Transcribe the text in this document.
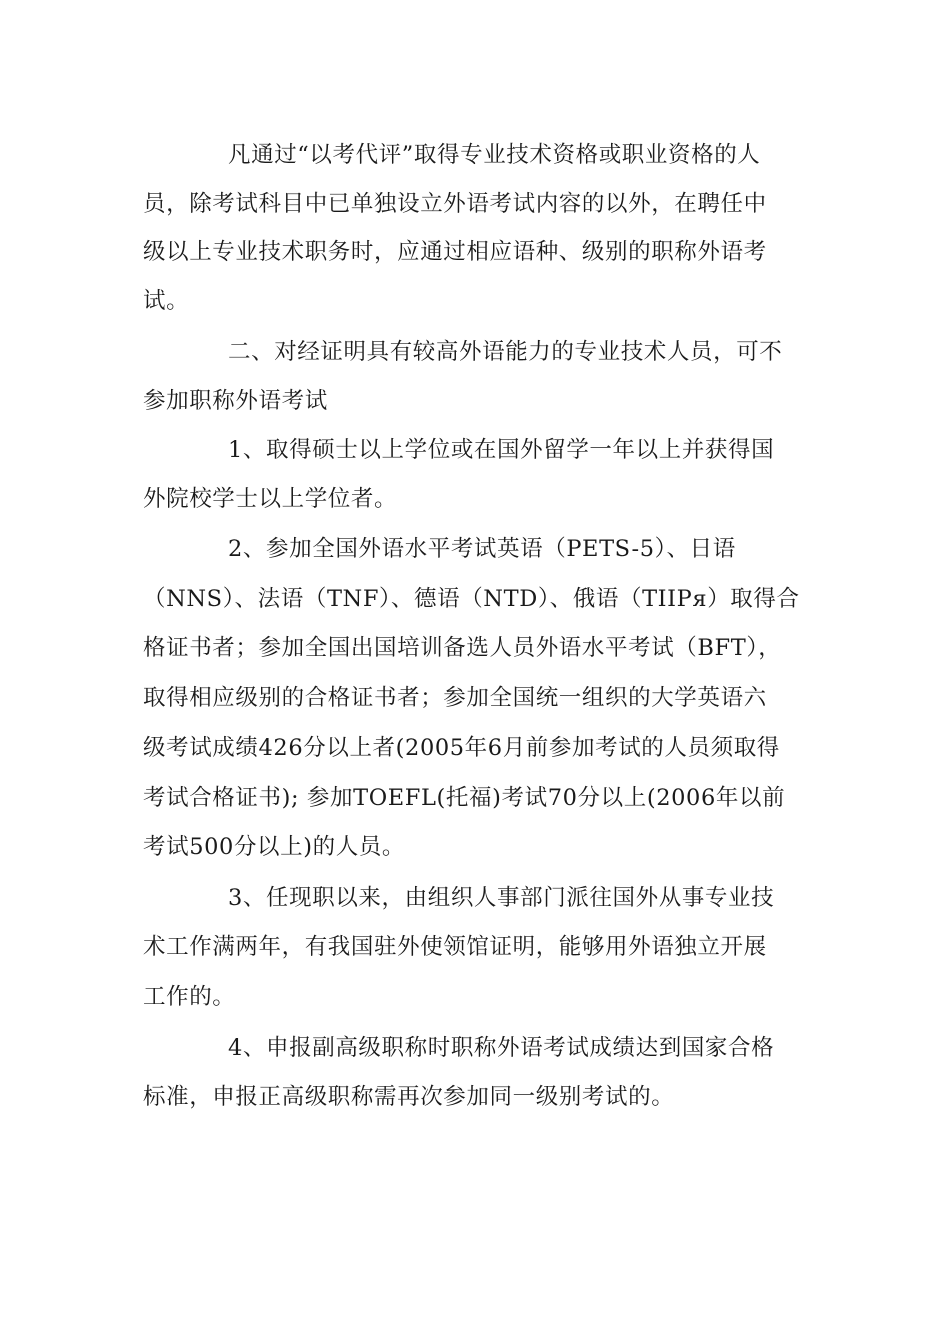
凡通过“以考代评”取得专业技术资格或职业资格的人
员，除考试科目中已单独设立外语考试内容的以外，在聘任中
级以上专业技术职务时，应通过相应语种、级别的职称外语考
试。
二、对经证明具有较高外语能力的专业技术人员，可不
参加职称外语考试
1、取得硕士以上学位或在国外留学一年以上并获得国
外院校学士以上学位者。
2、参加全国外语水平考试英语（PETS-5）、日语
（NNS）、法语（TNF）、德语（NTD）、俄语（TIIPя）取得合
格证书者；参加全国出国培训备选人员外语水平考试（BFT），
取得相应级别的合格证书者；参加全国统一组织的大学英语六
级考试成绩426分以上者(2005年6月前参加考试的人员须取得
考试合格证书); 参加TOEFL(托福)考试70分以上(2006年以前
考试500分以上)的人员。
3、任现职以来，由组织人事部门派往国外从事专业技
术工作满两年，有我国驻外使领馆证明，能够用外语独立开展
工作的。
4、申报副高级职称时职称外语考试成绩达到国家合格
标准，申报正高级职称需再次参加同一级别考试的。
